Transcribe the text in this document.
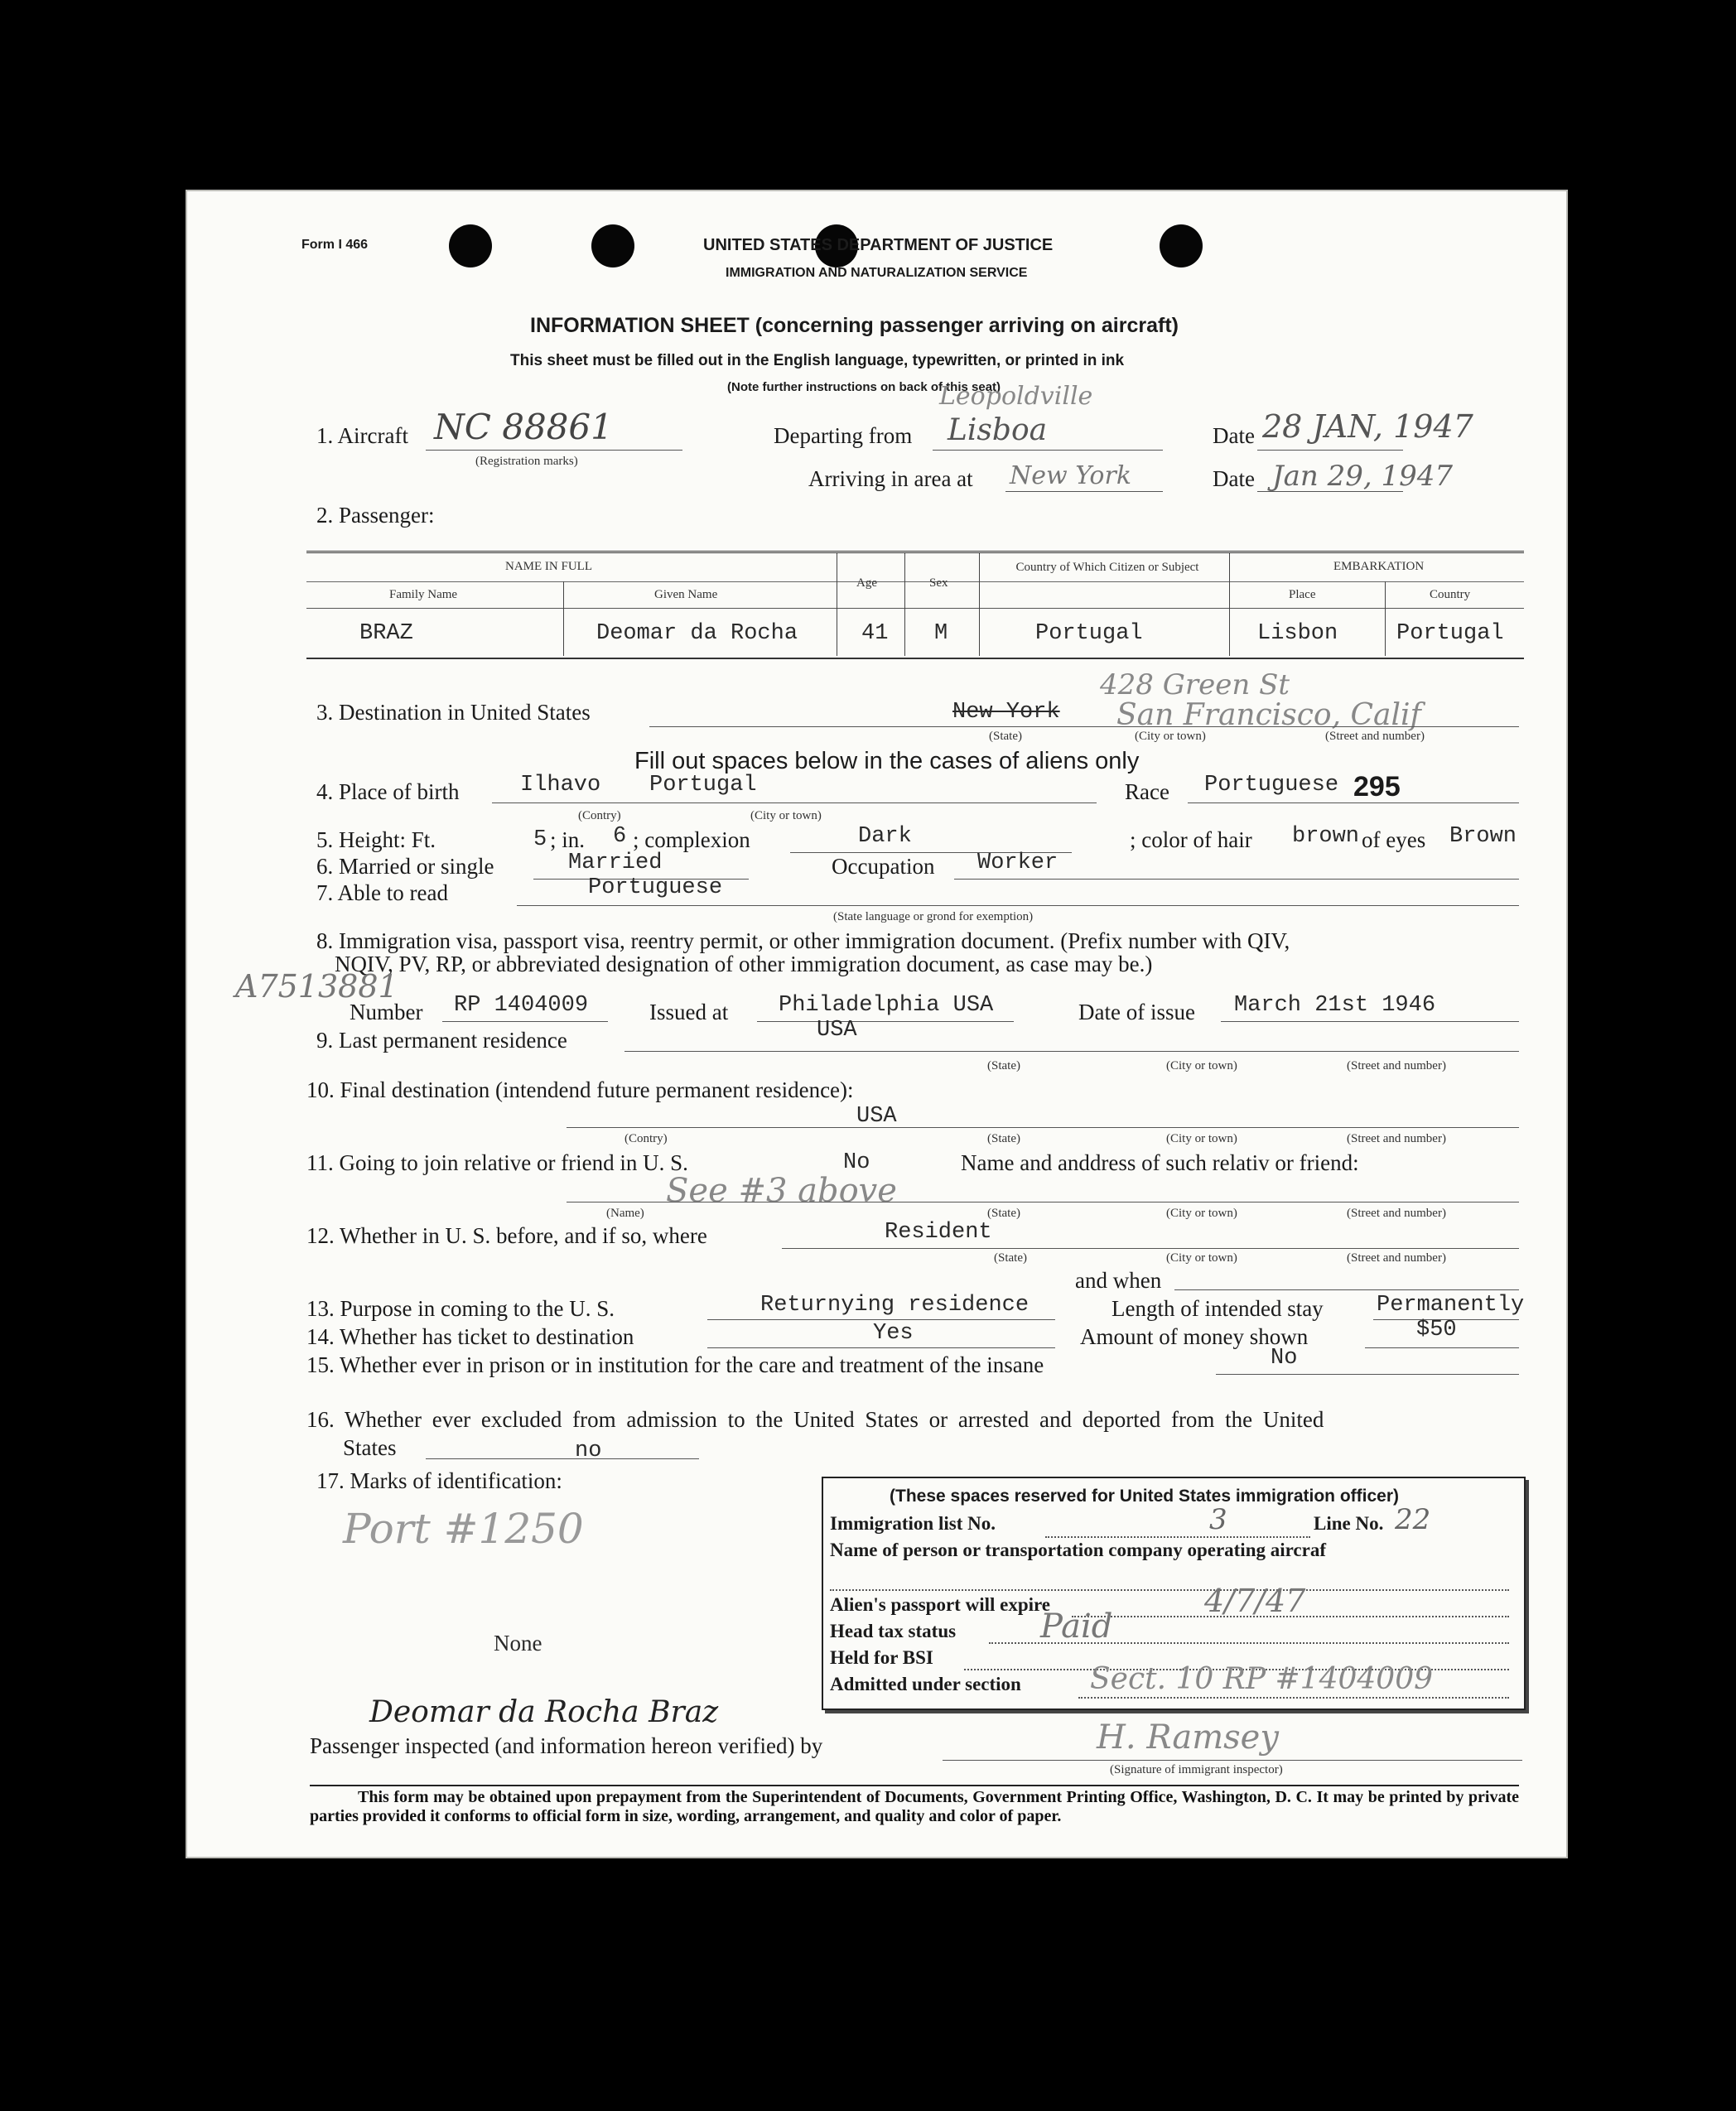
Form I 466	UNITED STATES DEPARTMENT OF JUSTICE
IMMIGRATION AND NATURALIZATION SERVICE
INFORMATION SHEET (concerning passenger arriving on aircraft)
This sheet must be filled out in the English language, typewritten, or printed in ink
(Note further instructions on back of this seat)
1. Aircraft NC 88861
(Registration marks)
Departing from
Leopoldville
Lisboa	Date 28 JAN, 1947
Arriving in area at New York	Date Jan 29, 1947
2. Passenger:
NAME IN FULL
Family Name	Given Name
Age	Sex
Country of Which Citizen or Subject	EMBARKATION
Place	Country
BRAZ	Deomar da Rocha	41 M	Portugal	Lisbon	Portugal
3. Destination in United States	New York
428 Green St
San Francisco, Calif
(State)	(City or town)	(Street and number)
Fill out spaces below in the cases of aliens only
4. Place of birth	Ilhavo Portugal
(Contry)	(City or town)
Race Portuguese 295
5. Height: Ft.	5 ; in. 6 ; complexion	Dark	; color of hair brown of eyes Brown
6. Married or single	Married	Occupation Worker
7. Able to read	Portuguese
(State language or grond for exemption)
8. Immigration visa, passport visa, reentry permit, or other immigration document. (Prefix number with QIV,
NQIV, PV, RP, or abbreviated designation of other immigration document, as case may be.)
A7513881
Number RP 1404009	Issued at Philadelphia USA	Date of issue March 21st 1946
9. Last permanent residence	USA
(State)	(City or town)	(Street and number)
10. Final destination (intendend future permanent residence):
USA
(Contry)	(State)	(City or town)	(Street and number)
11. Going to join relative or friend in U. S.	No	Name and anddress of such relativ or friend:
See #3 above
(Name)	(State)	(City or town)	(Street and number)
12. Whether in U. S. before, and if so, where	Resident
(State)	(City or town)	(Street and number)
and when
13. Purpose in coming to the U. S.	Returnying residence	Length of intended stay Permanently
14. Whether has ticket to destination	Yes	Amount of money shown	$50
15. Whether ever in prison or in institution for the care and treatment of the insane	No
16. Whether ever excluded from admission to the United States or arrested and deported from the United
States	no
17. Marks of identification:
Port #1250
None
(These spaces reserved for United States immigration officer)
Immigration list No.	3	Line No. 22
Name of person or transportation company operating aircraf
Alien's passport will expire	4/7/47
Head tax status	Paid
Held for BSI
Admitted under section Sect. 10 RP #1404009
Deomar da Rocha Braz
Passenger inspected (and information hereon verified) by	H. Ramsey
(Signature of immigrant inspector)
This form may be obtained upon prepayment from the Superintendent of Documents, Government Printing Office, Washington, D. C. It may be printed by private parties provided it conforms to official form in size, wording, arrangement, and quality and color of paper.
